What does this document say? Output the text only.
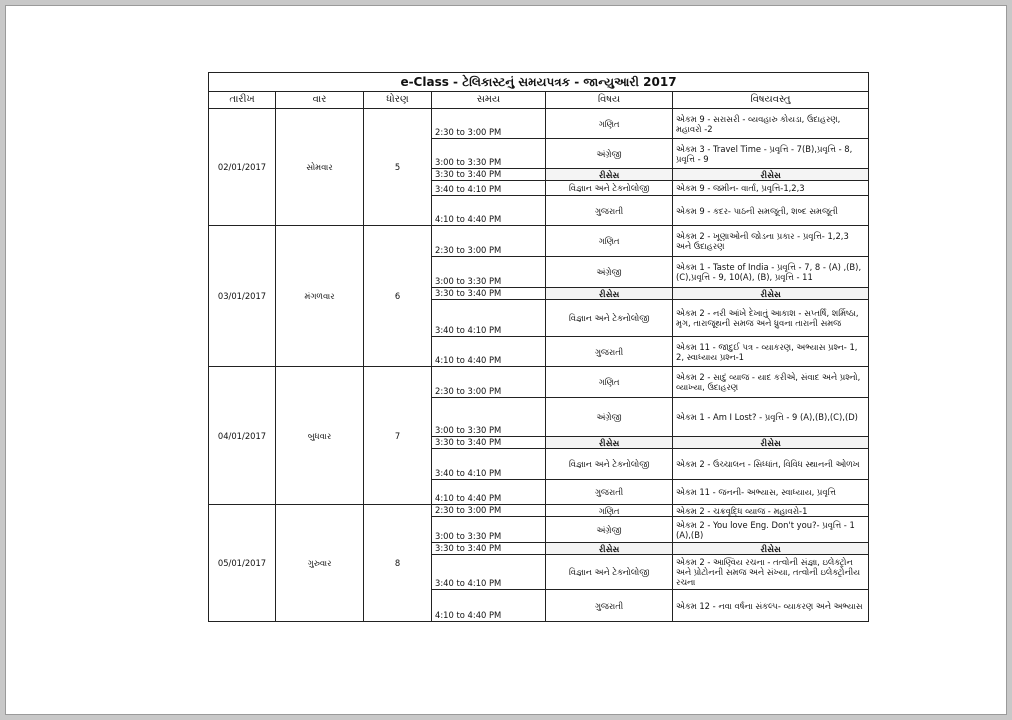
e-Class - ટેલિકાસ્ટનું સમયપત્રક - જાન્યુઆરી 2017					
તારીખ	વાર	ધોરણ	સમય	વિષય	વિષયવસ્તુ
02/01/2017	સોમવાર	5	2:30 to 3:00 PM	ગણિત	એકમ 9 - સરાસરી - વ્યવહારુ કોયડા, ઉદાહરણ, મહાવરો -2
			3:00 to 3:30 PM	અંગ્રેજી	એકમ 3 - Travel Time - પ્રવૃત્તિ - 7(B),પ્રવૃત્તિ - 8, પ્રવૃત્તિ - 9
			3:30 to 3:40 PM	રીસેસ	રીસેસ
			3:40 to 4:10 PM	વિજ્ઞાન અને ટેક્નોલોજી	એકમ 9 - જમીન- વાર્તા, પ્રવૃત્તિ-1,2,3
			4:10 to 4:40 PM	ગુજરાતી	એકમ 9 - કદર- પાઠની સમજૂતી, શબ્દ સમજૂતી
03/01/2017	મંગળવાર	6	2:30 to 3:00 PM	ગણિત	એકમ 2 - ખૂણાઓની જોડના પ્રકાર - પ્રવૃત્તિ- 1,2,3 અને ઉદાહરણ
			3:00 to 3:30 PM	અંગ્રેજી	એકમ 1 - Taste of India - પ્રવૃત્તિ - 7, 8 - (A) ,(B), (C),પ્રવૃત્તિ - 9, 10(A), (B), પ્રવૃત્તિ - 11
			3:30 to 3:40 PM	રીસેસ	રીસેસ
			3:40 to 4:10 PM	વિજ્ઞાન અને ટેક્નોલોજી	એકમ 2 - નરી આંખે દેખાતું આકાશ - સપ્તર્ષિ, શર્મિષ્ઠા, મૃગ, તારાજૂથની સમજ અને ધ્રુવના તારાની સમજ
			4:10 to 4:40 PM	ગુજરાતી	એકમ 11 - જાદુઈ પત્ર - વ્યાકરણ, અભ્યાસ પ્રશ્ન- 1, 2, સ્વાધ્યાય પ્રશ્ન-1
04/01/2017	બુધવાર	7	2:30 to 3:00 PM	ગણિત	એકમ 2 - સાદું વ્યાજ - યાદ કરીએ, સંવાદ અને પ્રશ્નો, વ્યાખ્યા, ઉદાહરણ
			3:00 to 3:30 PM	અંગ્રેજી	એકમ 1 - Am I Lost? - પ્રવૃત્તિ - 9 (A),(B),(C),(D)
			3:30 to 3:40 PM	રીસેસ	રીસેસ
			3:40 to 4:10 PM	વિજ્ઞાન અને ટેક્નોલોજી	એકમ 2 - ઉચ્ચાલન - સિધ્ધાંત, વિવિધ સ્થાનની ઓળખ
			4:10 to 4:40 PM	ગુજરાતી	એકમ 11 - જનની- અભ્યાસ, સ્વાધ્યાય, પ્રવૃત્તિ
05/01/2017	ગુરુવાર	8	2:30 to 3:00 PM	ગણિત	એકમ 2 - ચક્રવૃદ્ધિ વ્યાજ - મહાવરો-1
			3:00 to 3:30 PM	અંગ્રેજી	એકમ 2 - You love Eng. Don't you?- પ્રવૃત્તિ - 1 (A),(B)
			3:30 to 3:40 PM	રીસેસ	રીસેસ
			3:40 to 4:10 PM	વિજ્ઞાન અને ટેક્નોલોજી	એકમ 2 - આણ્વિય રચના - તત્વોની સંજ્ઞા, ઇલેક્ટ્રોન અને પ્રોટોનની સમજ અને સંખ્યા, તત્વોની ઇલેક્ટ્રોનીય રચના
			4:10 to 4:40 PM	ગુજરાતી	એકમ 12 - નવા વર્ષના સંકલ્પ- વ્યાકરણ અને અભ્યાસ
